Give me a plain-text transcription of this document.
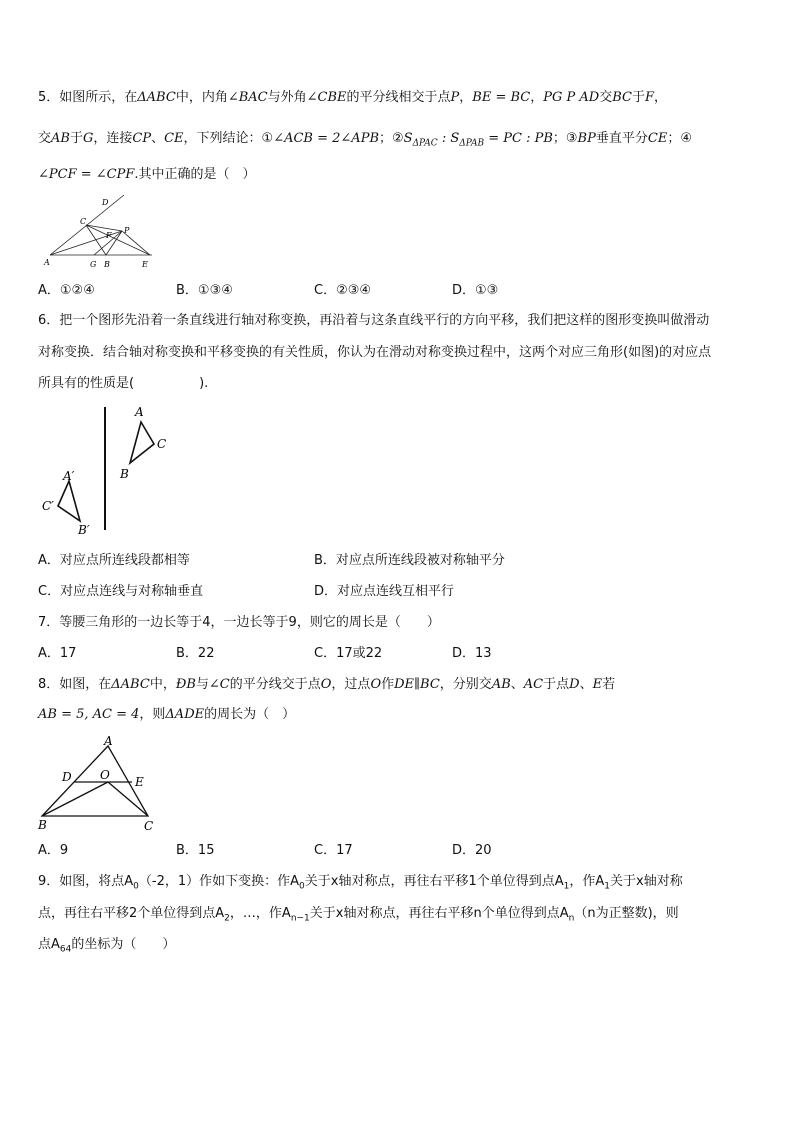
5．如图所示，在ΔABC中，内角∠BAC与外角∠CBE的平分线相交于点P，BE = BC，PG P AD交BC于F，
交AB于G，连接CP、CE，下列结论：①∠ACB = 2∠APB；$②S_{\Delta PAC}$ : $S_{\Delta PAB}$ = PC : PB；③BP垂直平分CE；④
∠PCF = ∠CPF.其中正确的是（　）
D
C
F
P
A	G B	E
A．①②④	B．①③④	C．②③④	D．①③
6．把一个图形先沿着一条直线进行轴对称变换，再沿着与这条直线平行的方向平移，我们把这样的图形变换叫做滑动
对称变换．结合轴对称变换和平移变换的有关性质，你认为在滑动对称变换过程中，这两个对应三角形(如图)的对应点
所具有的性质是(　　　　　).
A
C
B
A′
C′
B′
A．对应点所连线段都相等	B．对应点所连线段被对称轴平分
C．对应点连线与对称轴垂直	D．对应点连线互相平行
7．等腰三角形的一边长等于4，一边长等于9，则它的周长是（　　）
A．17	B．22	C．17或22	D．13
8．如图，在ΔABC中，ÐB与∠C的平分线交于点O，过点O作DE∥BC，分别交AB、AC于点D、E若
AB = 5, AC = 4，则ΔADE的周长为（　）
A
D O E
B	C
A．9	B．15	C．17	D．20
9．如图，将点$A_0(-2$，1）作如下变换：作$A_0$关于x轴对称点，再往右平移1个单位得到点$A_1$，作$A_1$关于x轴对称
点，再往右平移2个单位得到点$A_2$，…，作$A_{n-1}$关于x轴对称点，再往右平移n个单位得到点$A_n(n$为正整数)，则
点$A_{64}$的坐标为（　　）
